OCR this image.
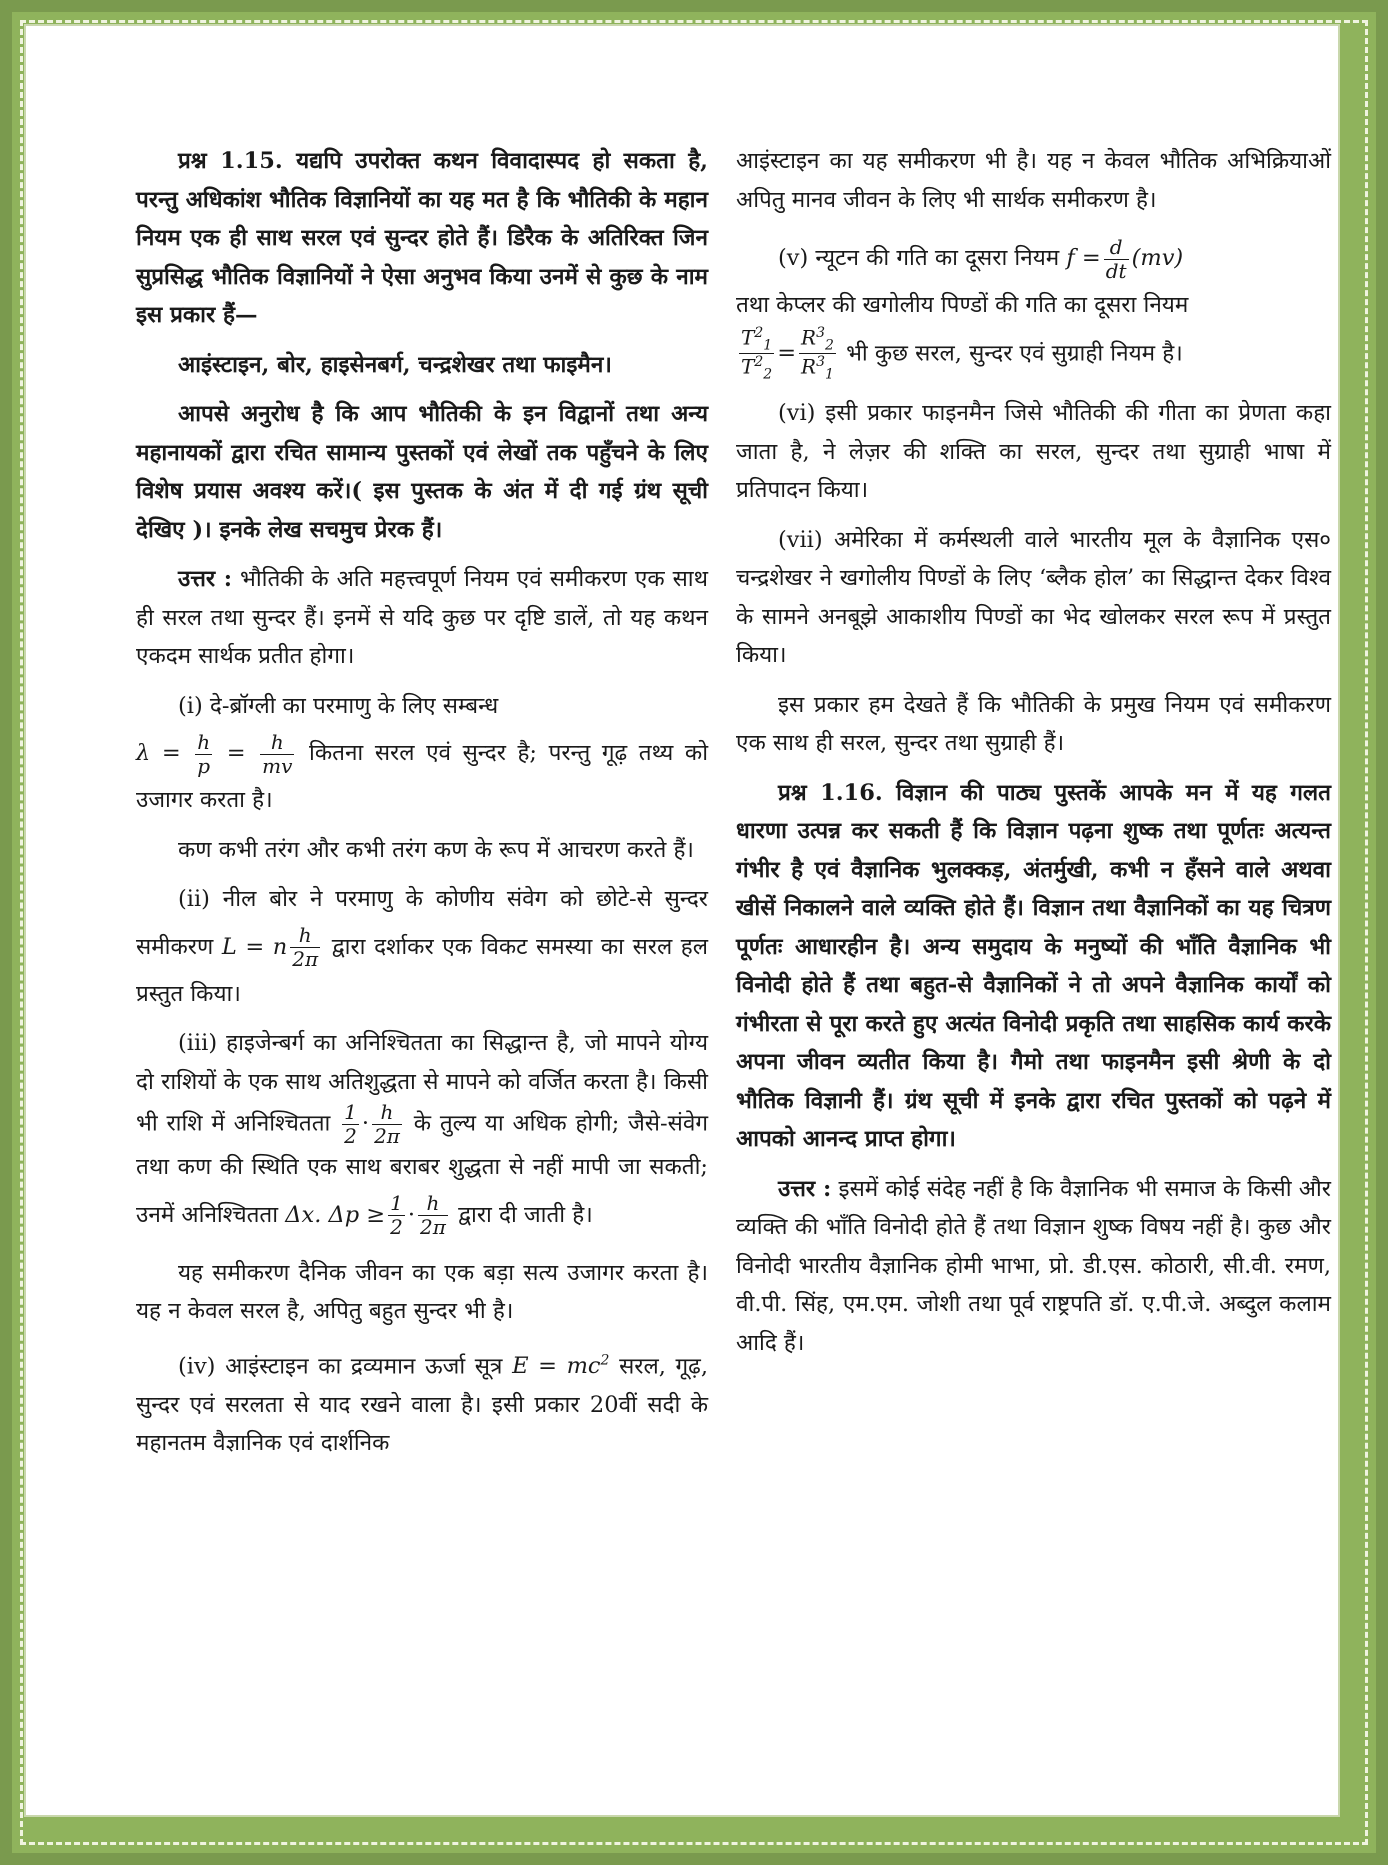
प्रश्न 1.15. यद्यपि उपरोक्त कथन विवादास्पद हो सकता है, परन्तु अधिकांश भौतिक विज्ञानियों का यह मत है कि भौतिकी के महान नियम एक ही साथ सरल एवं सुन्दर होते हैं। डिरैक के अतिरिक्त जिन सुप्रसिद्ध भौतिक विज्ञानियों ने ऐसा अनुभव किया उनमें से कुछ के नाम इस प्रकार हैं—

आइंस्टाइन, बोर, हाइसेनबर्ग, चन्द्रशेखर तथा फाइमैन।

आपसे अनुरोध है कि आप भौतिकी के इन विद्वानों तथा अन्य महानायकों द्वारा रचित सामान्य पुस्तकों एवं लेखों तक पहुँचने के लिए विशेष प्रयास अवश्य करें।( इस पुस्तक के अंत में दी गई ग्रंथ सूची देखिए )। इनके लेख सचमुच प्रेरक हैं।

उत्तर : भौतिकी के अति महत्त्वपूर्ण नियम एवं समीकरण एक साथ ही सरल तथा सुन्दर हैं। इनमें से यदि कुछ पर दृष्टि डालें, तो यह कथन एकदम सार्थक प्रतीत होगा।

(i) दे-ब्रॉग्ली का परमाणु के लिए सम्बन्ध
$\lambda = \frac{h}{p} = \frac{h}{mv}$ कितना सरल एवं सुन्दर है; परन्तु गूढ़ तथ्य को उजागर करता है।

कण कभी तरंग और कभी तरंग कण के रूप में आचरण करते हैं।

(ii) नील बोर ने परमाणु के कोणीय संवेग को छोटे-से सुन्दर समीकरण L = n $\frac{h}{2\pi}$ द्वारा दर्शाकर एक विकट समस्या का सरल हल प्रस्तुत किया।

(iii) हाइजेन्बर्ग का अनिश्चितता का सिद्धान्त है, जो मापने योग्य दो राशियों के एक साथ अतिशुद्धता से मापने को वर्जित करता है। किसी भी राशि में अनिश्चितता $\frac{1}{2} \cdot \frac{h}{2\pi}$ के तुल्य या अधिक होगी; जैसे-संवेग तथा कण की स्थिति एक साथ बराबर शुद्धता से नहीं मापी जा सकती; उनमें अनिश्चितता Δx. $\Delta p \ge \frac{1}{2} \cdot \frac{h}{2\pi}$ द्वारा दी जाती है।

यह समीकरण दैनिक जीवन का एक बड़ा सत्य उजागर करता है। यह न केवल सरल है, अपितु बहुत सुन्दर भी है।

(iv) आइंस्टाइन का द्रव्यमान ऊर्जा सूत्र $E = mc^2$ सरल, गूढ़, सुन्दर एवं सरलता से याद रखने वाला है। इसी प्रकार 20वीं सदी के महानतम वैज्ञानिक एवं दार्शनिक

आइंस्टाइन का यह समीकरण भी है। यह न केवल भौतिक अभिक्रियाओं अपितु मानव जीवन के लिए भी सार्थक समीकरण है।

(v) न्यूटन की गति का दूसरा नियम $f = \frac{d}{dt} (mv)$
तथा केप्लर की खगोलीय पिण्डों की गति का दूसरा नियम

$\frac{T^2_1}{T^2_2} = \frac{R^3_2}{R^3_1}$ भी कुछ सरल, सुन्दर एवं सुग्राही नियम है।

(vi) इसी प्रकार फाइनमैन जिसे भौतिकी की गीता का प्रेणता कहा जाता है, ने लेज़र की शक्ति का सरल, सुन्दर तथा सुग्राही भाषा में प्रतिपादन किया।

(vii) अमेरिका में कर्मस्थली वाले भारतीय मूल के वैज्ञानिक एस० चन्द्रशेखर ने खगोलीय पिण्डों के लिए ‘ब्लैक होल’ का सिद्धान्त देकर विश्व के सामने अनबूझे आकाशीय पिण्डों का भेद खोलकर सरल रूप में प्रस्तुत किया।

इस प्रकार हम देखते हैं कि भौतिकी के प्रमुख नियम एवं समीकरण एक साथ ही सरल, सुन्दर तथा सुग्राही हैं।

प्रश्न 1.16. विज्ञान की पाठ्य पुस्तकें आपके मन में यह गलत धारणा उत्पन्न कर सकती हैं कि विज्ञान पढ़ना शुष्क तथा पूर्णतः अत्यन्त गंभीर है एवं वैज्ञानिक भुलक्कड़, अंतर्मुखी, कभी न हँसने वाले अथवा खीसें निकालने वाले व्यक्ति होते हैं। विज्ञान तथा वैज्ञानिकों का यह चित्रण पूर्णतः आधारहीन है। अन्य समुदाय के मनुष्यों की भाँति वैज्ञानिक भी विनोदी होते हैं तथा बहुत-से वैज्ञानिकों ने तो अपने वैज्ञानिक कार्यों को गंभीरता से पूरा करते हुए अत्यंत विनोदी प्रकृति तथा साहसिक कार्य करके अपना जीवन व्यतीत किया है। गैमो तथा फाइनमैन इसी श्रेणी के दो भौतिक विज्ञानी हैं। ग्रंथ सूची में इनके द्वारा रचित पुस्तकों को पढ़ने में आपको आनन्द प्राप्त होगा।

उत्तर : इसमें कोई संदेह नहीं है कि वैज्ञानिक भी समाज के किसी और व्यक्ति की भाँति विनोदी होते हैं तथा विज्ञान शुष्क विषय नहीं है। कुछ और विनोदी भारतीय वैज्ञानिक होमी भाभा, प्रो. डी.एस. कोठारी, सी.वी. रमण, वी.पी. सिंह, एम.एम. जोशी तथा पूर्व राष्ट्रपति डॉ. ए.पी.जे. अब्दुल कलाम आदि हैं।
